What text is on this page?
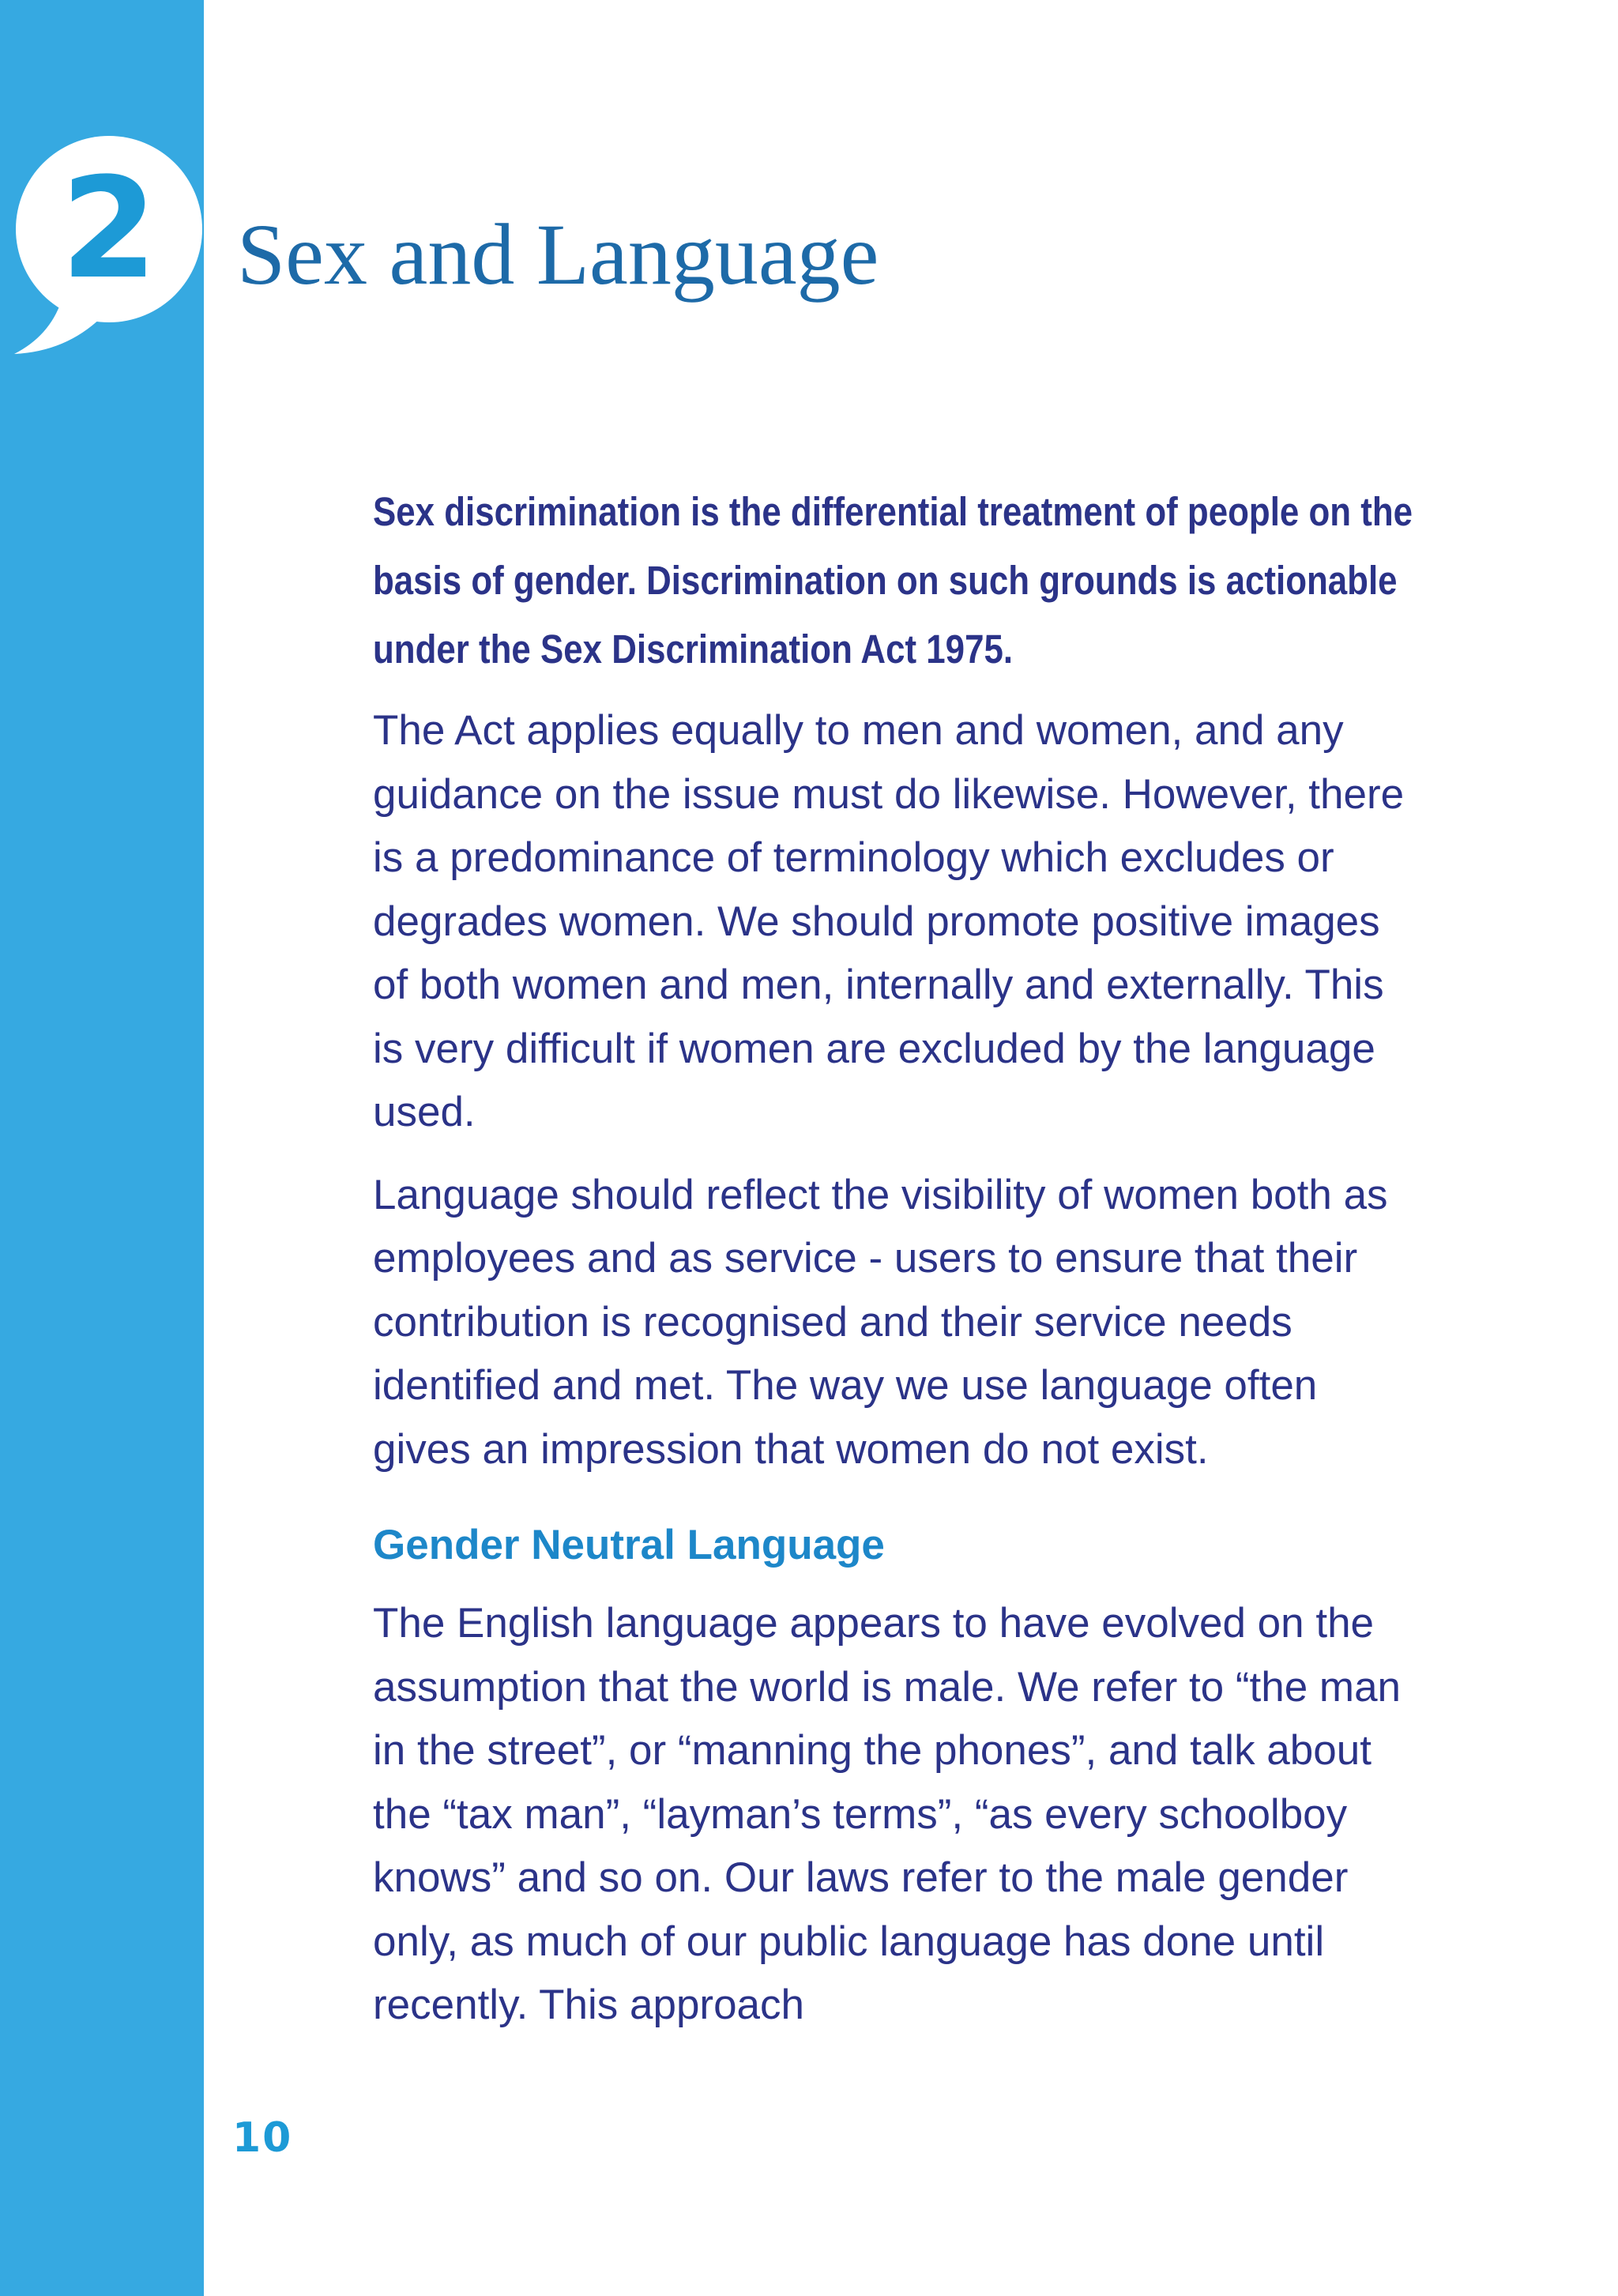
2 Sex and Language

Sex discrimination is the differential treatment of people on the basis of gender. Discrimination on such grounds is actionable under the Sex Discrimination Act 1975.

The Act applies equally to men and women, and any guidance on the issue must do likewise. However, there is a predominance of terminology which excludes or degrades women. We should promote positive images of both women and men, internally and externally. This is very difficult if women are excluded by the language used.

Language should reflect the visibility of women both as employees and as service - users to ensure that their contribution is recognised and their service needs identified and met. The way we use language often gives an impression that women do not exist.

Gender Neutral Language

The English language appears to have evolved on the assumption that the world is male. We refer to “the man in the street”, or “manning the phones”, and talk about the “tax man”, “layman’s terms”, “as every schoolboy knows” and so on. Our laws refer to the male gender only, as much of our public language has done until recently. This approach

10
